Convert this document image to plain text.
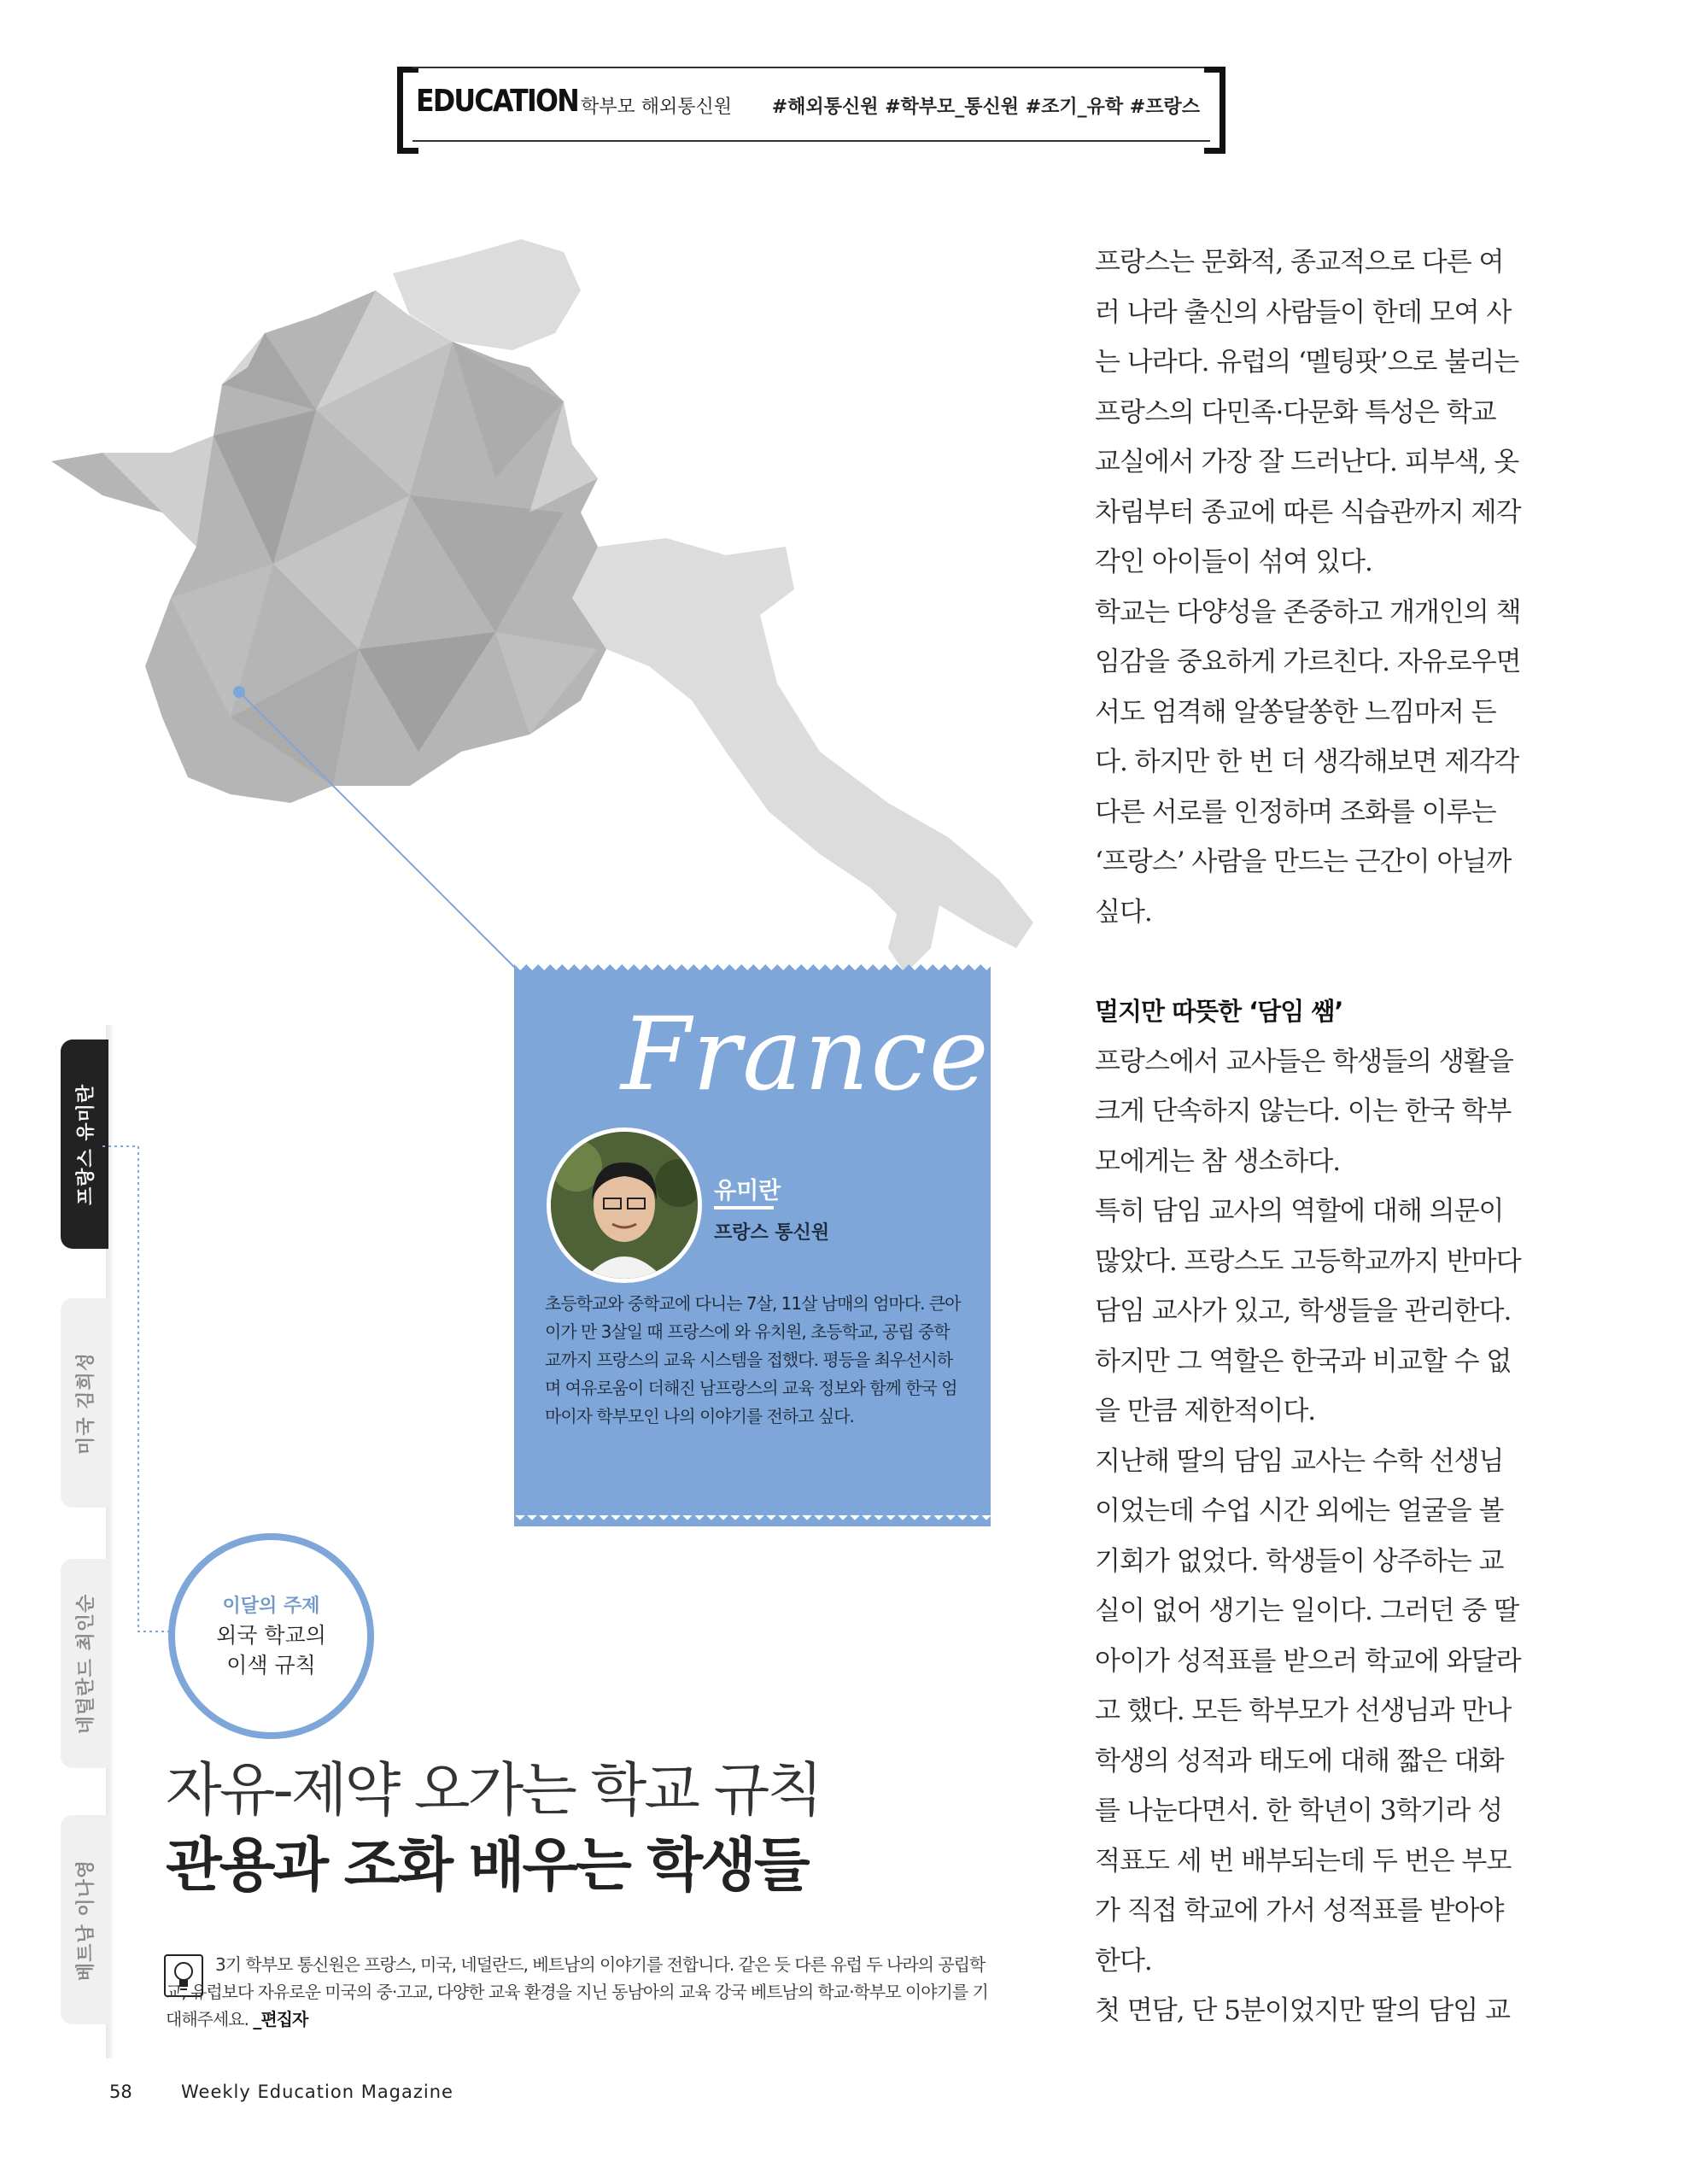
EDUCATION 학부모 해외통신원 #해외통신원 #학부모_통신원 #조기_유학 #프랑스

프랑스는 문화적, 종교적으로 다른 여러 나라 출신의 사람들이 한데 모여 사는 나라다. 유럽의 ‘멜팅팟’으로 불리는 프랑스의 다민족·다문화 특성은 학교 교실에서 가장 잘 드러난다. 피부색, 옷차림부터 종교에 따른 식습관까지 제각각인 아이들이 섞여 있다.

학교는 다양성을 존중하고 개개인의 책임감을 중요하게 가르친다. 자유로우면서도 엄격해 알쏭달쏭한 느낌마저 든다. 하지만 한 번 더 생각해보면 제각각 다른 서로를 인정하며 조화를 이루는 ‘프랑스’ 사람을 만드는 근간이 아닐까 싶다.

멀지만 따뜻한 ‘담임 쌤’

프랑스에서 교사들은 학생들의 생활을 크게 단속하지 않는다. 이는 한국 학부모에게는 참 생소하다.

특히 담임 교사의 역할에 대해 의문이 많았다. 프랑스도 고등학교까지 반마다 담임 교사가 있고, 학생들을 관리한다. 하지만 그 역할은 한국과 비교할 수 없을 만큼 제한적이다.

지난해 딸의 담임 교사는 수학 선생님이었는데 수업 시간 외에는 얼굴을 볼 기회가 없었다. 학생들이 상주하는 교실이 없어 생기는 일이다. 그러던 중 딸아이가 성적표를 받으러 학교에 와달라고 했다. 모든 학부모가 선생님과 만나 학생의 성적과 태도에 대해 짧은 대화를 나눈다면서. 한 학년이 3학기라 성적표도 세 번 배부되는데 두 번은 부모가 직접 학교에 가서 성적표를 받아야 한다.

첫 면담, 단 5분이었지만 딸의 담임 교

France
유미란
프랑스 통신원
초등학교와 중학교에 다니는 7살, 11살 남매의 엄마다. 큰아이가 만 3살일 때 프랑스에 와 유치원, 초등학교, 공립 중학교까지 프랑스의 교육 시스템을 접했다. 평등을 최우선시하며 여유로움이 더해진 남프랑스의 교육 정보와 함께 한국 엄마이자 학부모인 나의 이야기를 전하고 싶다.
프랑스 유미란
미국 김희성
네덜란드 최인순
베트남 이나영
이달의 주제
외국 학교의
이색 규칙
자유-제약 오가는 학교 규칙
관용과 조화 배우는 학생들
3기 학부모 통신원은 프랑스, 미국, 네덜란드, 베트남의 이야기를 전합니다. 같은 듯 다른 유럽 두 나라의 공립학교, 유럽보다 자유로운 미국의 중·고교, 다양한 교육 환경을 지닌 동남아의 교육 강국 베트남의 학교·학부모 이야기를 기대해주세요. _편집자
58	Weekly Education Magazine
